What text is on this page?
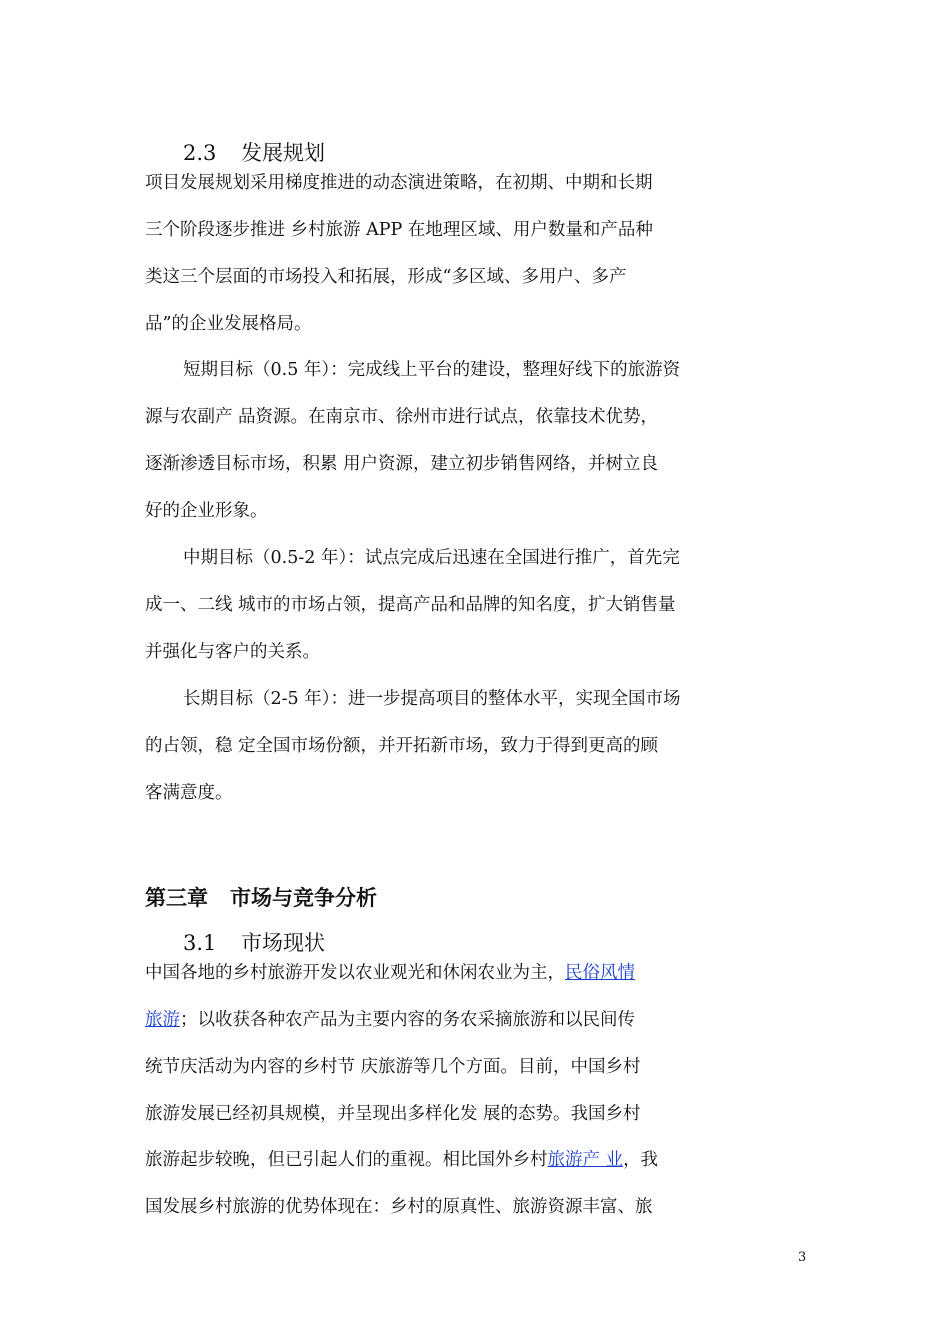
2.3 发展规划
项目发展规划采用梯度推进的动态演进策略，在初期、中期和长期
三个阶段逐步推进 乡村旅游 APP 在地理区域、用户数量和产品种
类这三个层面的市场投入和拓展，形成“多区域、多用户、多产
品”的企业发展格局。
短期目标（0.5 年）：完成线上平台的建设，整理好线下的旅游资
源与农副产 品资源。在南京市、徐州市进行试点，依靠技术优势，
逐渐渗透目标市场，积累 用户资源，建立初步销售网络，并树立良
好的企业形象。
中期目标（0.5-2 年）：试点完成后迅速在全国进行推广，首先完
成一、二线 城市的市场占领，提高产品和品牌的知名度，扩大销售量
并强化与客户的关系。
长期目标（2-5 年）：进一步提高项目的整体水平，实现全国市场
的占领，稳 定全国市场份额，并开拓新市场，致力于得到更高的顾
客满意度。
第三章 市场与竞争分析
3.1 市场现状
中国各地的乡村旅游开发以农业观光和休闲农业为主，民俗风情
旅游；以收获各种农产品为主要内容的务农采摘旅游和以民间传
统节庆活动为内容的乡村节 庆旅游等几个方面。目前，中国乡村
旅游发展已经初具规模，并呈现出多样化发 展的态势。我国乡村
旅游起步较晚，但已引起人们的重视。相比国外乡村旅游产 业，我
国发展乡村旅游的优势体现在：乡村的原真性、旅游资源丰富、旅
3
